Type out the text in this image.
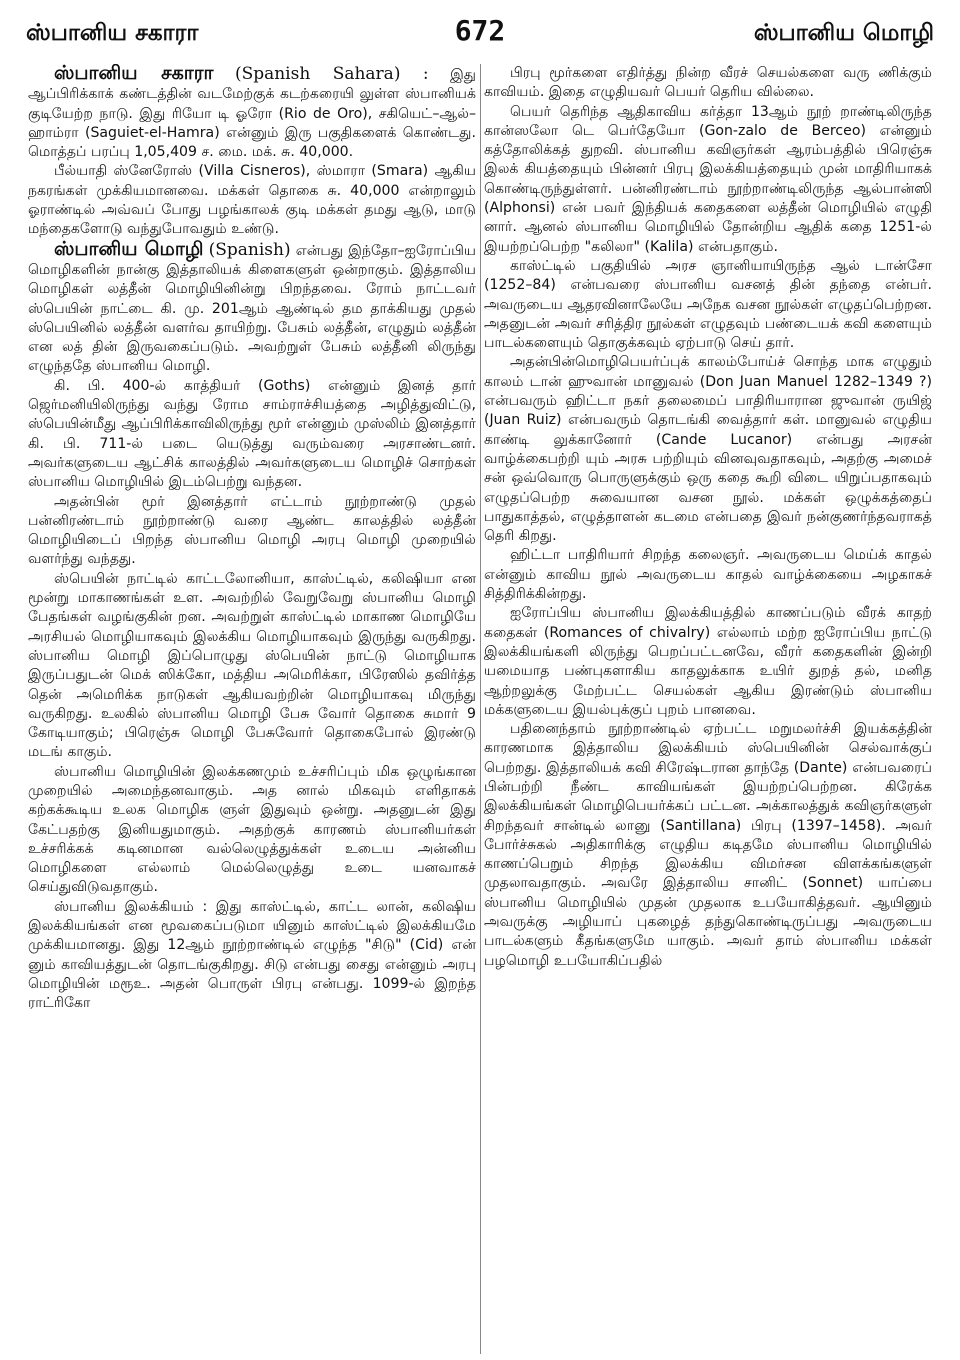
ஸ்பானிய சகாரா	672	ஸ்பானிய மொழி

ஸ்பானிய சகாரா (Spanish Sahara) : இது ஆப்பிரிக்காக் கண்டத்தின் வடமேற்குக் கடற்கரையி லுள்ள ஸ்பானியக் குடியேற்ற நாடு. இது ரியோ டி ஓரோ (Rio de Oro), சகியெட்–ஆல்–ஹாம்ரா (Saguiet-el-Hamra) என்னும் இரு பகுதிகளைக் கொண்டது. மொத்தப் பரப்பு 1,05,409 ச. மை. மக். சு. 40,000.

பீல்யாதி ஸ்னேரோஸ் (Villa Cisneros), ஸ்மாரா (Smara) ஆகிய நகரங்கள் முக்கியமானவை. மக்கள் தொகை சு. 40,000 என்றாலும் ஓராண்டில் அவ்வப் போது பழங்காலக் குடி மக்கள் தமது ஆடு, மாடு மந்தைகளோடு வந்துபோவதும் உண்டு.

ஸ்பானிய மொழி (Spanish) என்பது இந்தோ–ஐரோப்பிய மொழிகளின் நான்கு இத்தாலியக் கிளைகளுள் ஒன்றாகும். இத்தாலிய மொழிகள் லத்தீன் மொழியினின்று பிறந்தவை. ரோம் நாட்டவர் ஸ்பெயின் நாட்டை கி. மு. 201ஆம் ஆண்டில் தம தாக்கியது முதல் ஸ்பெயினில் லத்தீன் வளர்வ தாயிற்று. பேசும் லத்தீன், எழுதும் லத்தீன் என லத் தின் இருவகைப்படும். அவற்றுள் பேசும் லத்தீனி லிருந்து எழுந்ததே ஸ்பானிய மொழி.

கி. பி. 400-ல் காத்தியர் (Goths) என்னும் இனத் தார் ஜெர்மனியிலிருந்து வந்து ரோம சாம்ராச்சியத்தை அழித்துவிட்டு, ஸ்பெயின்மீது ஆப்பிரிக்காவிலிருந்து மூர் என்னும் முஸ்லிம் இனத்தார் கி. பி. 711-ல் படை யெடுத்து வரும்வரை அரசாண்டனர். அவர்களுடைய ஆட்சிக் காலத்தில் அவர்களுடைய மொழிச் சொற்கள் ஸ்பானிய மொழியில் இடம்பெற்று வந்தன.

அதன்பின் மூர் இனத்தார் எட்டாம் நூற்றாண்டு முதல் பன்னிரண்டாம் நூற்றாண்டு வரை ஆண்ட காலத்தில் லத்தீன் மொழியிடைப் பிறந்த ஸ்பானிய மொழி அரபு மொழி முறையில் வளர்ந்து வந்தது.

ஸ்பெயின் நாட்டில் காட்டலோனியா, காஸ்ட்டில், கலிஷியா என மூன்று மாகாணங்கள் உள. அவற்றில் வேறுவேறு ஸ்பானிய மொழி பேதங்கள் வழங்குகின் றன. அவற்றுள் காஸ்ட்டில் மாகாண மொழியே அரசியல் மொழியாகவும் இலக்கிய மொழியாகவும் இருந்து வருகிறது. ஸ்பானிய மொழி இப்பொழுது ஸ்பெயின் நாட்டு மொழியாக இருப்பதுடன் மெக் ஸிக்கோ, மத்திய அமெரிக்கா, பிரேஸில் தவிர்த்த தென் அமெரிக்க நாடுகள் ஆகியவற்றின் மொழியாகவு மிருந்து வருகிறது. உலகில் ஸ்பானிய மொழி பேசு வோர் தொகை சுமார் 9 கோடியாகும்; பிரெஞ்சு மொழி பேசுவோர் தொகைபோல் இரண்டு மடங் காகும்.

ஸ்பானிய மொழியின் இலக்கணமும் உச்சரிப்பும் மிக ஒழுங்கான முறையில் அமைந்தனவாகும். அத னால் மிகவும் எளிதாகக் கற்கக்கூடிய உலக மொழிக ளுள் இதுவும் ஒன்று. அதனுடன் இது கேட்பதற்கு இனியதுமாகும். அதற்குக் காரணம் ஸ்பானியர்கள் உச்சரிக்கக் கடினமான வல்லெழுத்துக்கள் உடைய அன்னிய மொழிகளை எல்லாம் மெல்லெழுத்து உடை யனவாகச் செய்துவிடுவதாகும்.

ஸ்பானிய இலக்கியம் : இது காஸ்ட்டில், காட்ட லான், கலிஷிய இலக்கியங்கள் என மூவகைப்படுமா யினும் காஸ்ட்டில் இலக்கியமே முக்கியமானது. இது 12ஆம் நூற்றாண்டில் எழுந்த "சிடு" (Cid) என் னும் காவியத்துடன் தொடங்குகிறது. சிடு என்பது சைது என்னும் அரபு மொழியின் மரூஉ. அதன் பொருள் பிரபு என்பது. 1099-ல் இறந்த ராட்ரிகோ

பிரபு மூர்களை எதிர்த்து நின்ற வீரச் செயல்களை வரு ணிக்கும் காவியம். இதை எழுதியவர் பெயர் தெரிய வில்லை.

பெயர் தெரிந்த ஆதிகாவிய கர்த்தா 13ஆம் நூற் றாண்டிலிருந்த கான்ஸலோ டெ பெர்தேயோ (Gon-zalo de Berceo) என்னும் கத்தோலிக்கத் துறவி. ஸ்பானிய கவிஞர்கள் ஆரம்பத்தில் பிரெஞ்சு இலக் கியத்தையும் பின்னர் பிரபு இலக்கியத்தையும் முன் மாதிரியாகக் கொண்டிருந்துள்ளர். பன்னிரண்டாம் நூற்றாண்டிலிருந்த ஆல்பான்ஸி (Alphonsi) என் பவர் இந்தியக் கதைகளை லத்தீன் மொழியில் எழுதி னார். ஆனல் ஸ்பானிய மொழியில் தோன்றிய ஆதிக் கதை 1251-ல் இயற்றப்பெற்ற "கலிலா" (Kalila) என்பதாகும்.

காஸ்ட்டில் பகுதியில் அரச ஞானியாயிருந்த ஆல் டான்சோ (1252–84) என்பவரை ஸ்பானிய வசனத் தின் தந்தை என்பர். அவருடைய ஆதரவினாலேயே அநேக வசன நூல்கள் எழுதப்பெற்றன. அதனுடன் அவர் சரித்திர நூல்கள் எழுதவும் பண்டையக் கவி களையும் பாடல்களையும் தொகுக்கவும் ஏற்பாடு செய் தார்.

அதன்பின்மொழிபெயர்ப்புக் காலம்போய்ச் சொந்த மாக எழுதும் காலம் டான் ஹுவான் மானுவல் (Don Juan Manuel 1282–1349 ?) என்பவரும் ஹிட்டா நகர் தலைமைப் பாதிரியாரான ஜுவான் ருயிஜ் (Juan Ruiz) என்பவரும் தொடங்கி வைத்தார் கள். மானுவல் எழுதிய காண்டி லுக்கானோர் (Cande Lucanor) என்பது அரசன் வாழ்க்கைபற்றி யும் அரசு பற்றியும் வினவுவதாகவும், அதற்கு அமைச் சன் ஒவ்வொரு பொருளுக்கும் ஒரு கதை கூறி விடை யிறுப்பதாகவும் எழுதப்பெற்ற சுவையான வசன நூல். மக்கள் ஒழுக்கத்தைப் பாதுகாத்தல், எழுத்தாளன் கடமை என்பதை இவர் நன்குணர்ந்தவராகத் தெரி கிறது.

ஹிட்டா பாதிரியார் சிறந்த கலைஞர். அவருடைய மெய்க் காதல் என்னும் காவிய நூல் அவருடைய காதல் வாழ்க்கையை அழகாகச் சித்திரிக்கின்றது.

ஐரோப்பிய ஸ்பானிய இலக்கியத்தில் காணப்படும் வீரக் காதற் கதைகள் (Romances of chivalry) எல்லாம் மற்ற ஐரோப்பிய நாட்டு இலக்கியங்களி லிருந்து பெறப்பட்டனவே, வீரர் கதைகளின் இன்றி யமையாத பண்புகளாகிய காதலுக்காக உயிர் துறத் தல், மனித ஆற்றலுக்கு மேற்பட்ட செயல்கள் ஆகிய இரண்டும் ஸ்பானிய மக்களுடைய இயல்புக்குப் புறம் பானவை.

பதினைந்தாம் நூற்றாண்டில் ஏற்பட்ட மறுமலர்ச்சி இயக்கத்தின் காரணமாக இத்தாலிய இலக்கியம் ஸ்பெயினின் செல்வாக்குப் பெற்றது. இத்தாலியக் கவி சிரேஷ்டரான தாந்தே (Dante) என்பவரைப் பின்பற்றி நீண்ட காவியங்கள் இயற்றப்பெற்றன. கிரேக்க இலக்கியங்கள் மொழிபெயர்க்கப் பட்டன. அக்காலத்துக் கவிஞர்களுள் சிறந்தவர் சான்டில் லானு (Santillana) பிரபு (1397–1458). அவர் போர்ச்சுகல் அதிகாரிக்கு எழுதிய கடிதமே ஸ்பானிய மொழியில் காணப்பெறும் சிறந்த இலக்கிய விமர்சன விளக்கங்களுள் முதலாவதாகும். அவரே இத்தாலிய சானிட் (Sonnet) யாப்பை ஸ்பானிய மொழியில் முதன் முதலாக உபயோகித்தவர். ஆயினும் அவருக்கு அழியாப் புகழைத் தந்துகொண்டிருப்பது அவருடைய பாடல்களும் கீதங்களுமே யாகும். அவர் தாம் ஸ்பானிய மக்கள் பழமொழி உபயோகிப்பதில்
